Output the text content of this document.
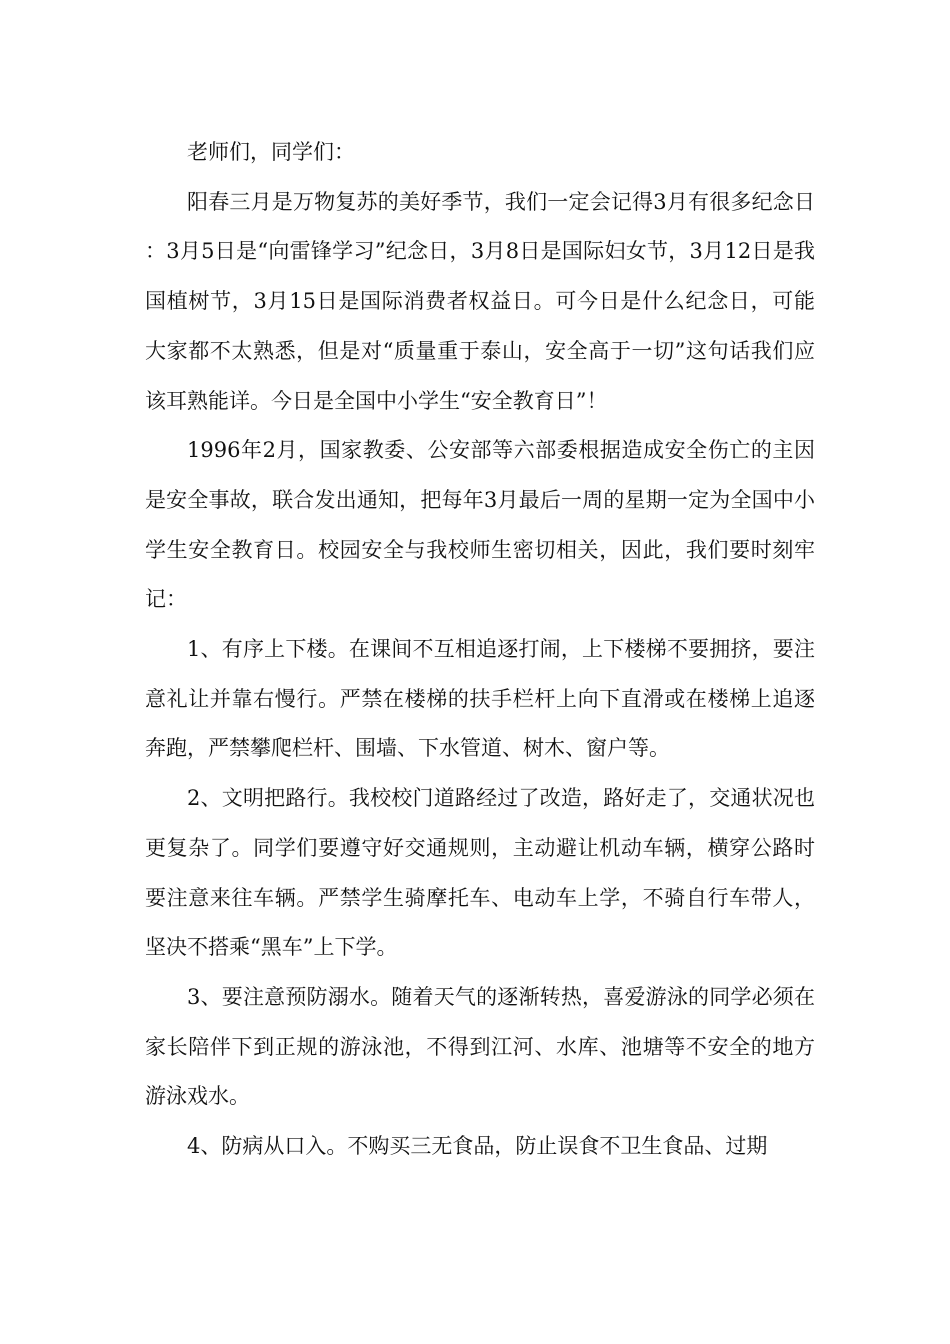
老师们，同学们：

阳春三月是万物复苏的美好季节，我们一定会记得3月有很多纪念日：3月5日是“向雷锋学习”纪念日，3月8日是国际妇女节，3月12日是我国植树节，3月15日是国际消费者权益日。可今日是什么纪念日，可能大家都不太熟悉，但是对“质量重于泰山，安全高于一切”这句话我们应该耳熟能详。今日是全国中小学生“安全教育日”！

1996年2月，国家教委、公安部等六部委根据造成安全伤亡的主因是安全事故，联合发出通知，把每年3月最后一周的星期一定为全国中小学生安全教育日。校园安全与我校师生密切相关，因此，我们要时刻牢记：

1、有序上下楼。在课间不互相追逐打闹，上下楼梯不要拥挤，要注意礼让并靠右慢行。严禁在楼梯的扶手栏杆上向下直滑或在楼梯上追逐奔跑，严禁攀爬栏杆、围墙、下水管道、树木、窗户等。

2、文明把路行。我校校门道路经过了改造，路好走了，交通状况也更复杂了。同学们要遵守好交通规则，主动避让机动车辆，横穿公路时要注意来往车辆。严禁学生骑摩托车、电动车上学，不骑自行车带人，坚决不搭乘“黑车”上下学。

3、要注意预防溺水。随着天气的逐渐转热，喜爱游泳的同学必须在家长陪伴下到正规的游泳池，不得到江河、水库、池塘等不安全的地方游泳戏水。

4、防病从口入。不购买三无食品，防止误食不卫生食品、过期
